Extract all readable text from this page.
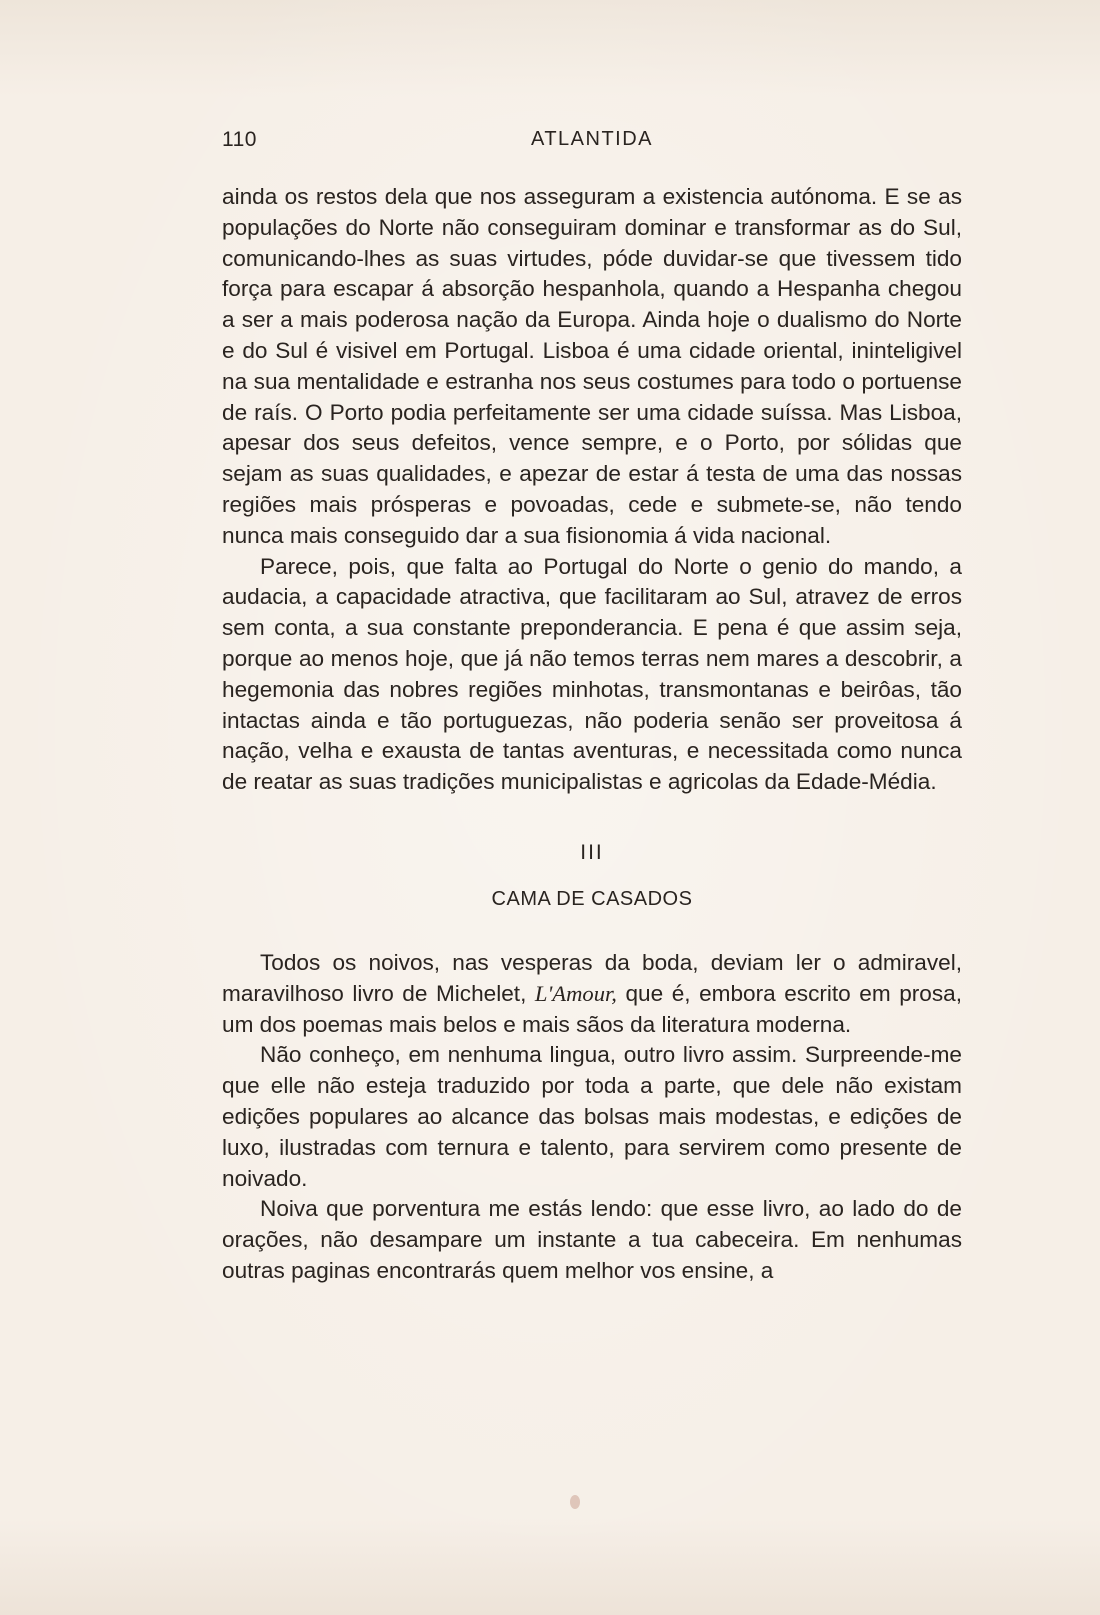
110	ATLANTIDA

ainda os restos dela que nos asseguram a existencia autónoma. E se as populações do Norte não conseguiram dominar e transformar as do Sul, comunicando-lhes as suas virtudes, póde duvidar-se que tivessem tido força para escapar á absorção hespanhola, quando a Hespanha chegou a ser a mais poderosa nação da Europa. Ainda hoje o dualismo do Norte e do Sul é visivel em Portugal. Lisboa é uma cidade oriental, ininteligivel na sua mentalidade e estranha nos seus costumes para todo o portuense de raís. O Porto podia perfeitamente ser uma cidade suíssa. Mas Lisboa, apesar dos seus defeitos, vence sempre, e o Porto, por sólidas que sejam as suas qualidades, e apezar de estar á testa de uma das nossas regiões mais prósperas e povoadas, cede e submete-se, não tendo nunca mais conseguido dar a sua fisionomia á vida nacional.

Parece, pois, que falta ao Portugal do Norte o genio do mando, a audacia, a capacidade atractiva, que facilitaram ao Sul, atravez de erros sem conta, a sua constante preponderancia. E pena é que assim seja, porque ao menos hoje, que já não temos terras nem mares a descobrir, a hegemonia das nobres regiões minhotas, transmontanas e beirôas, tão intactas ainda e tão portuguezas, não poderia senão ser proveitosa á nação, velha e exausta de tantas aventuras, e necessitada como nunca de reatar as suas tradições municipalistas e agricolas da Edade-Média.

III
CAMA DE CASADOS

Todos os noivos, nas vesperas da boda, deviam ler o admiravel, maravilhoso livro de Michelet, L'Amour, que é, embora escrito em prosa, um dos poemas mais belos e mais sãos da literatura moderna.

Não conheço, em nenhuma lingua, outro livro assim. Surpreende-me que elle não esteja traduzido por toda a parte, que dele não existam edições populares ao alcance das bolsas mais modestas, e edições de luxo, ilustradas com ternura e talento, para servirem como presente de noivado.

Noiva que porventura me estás lendo: que esse livro, ao lado do de orações, não desampare um instante a tua cabeceira. Em nenhumas outras paginas encontrarás quem melhor vos ensine, a
